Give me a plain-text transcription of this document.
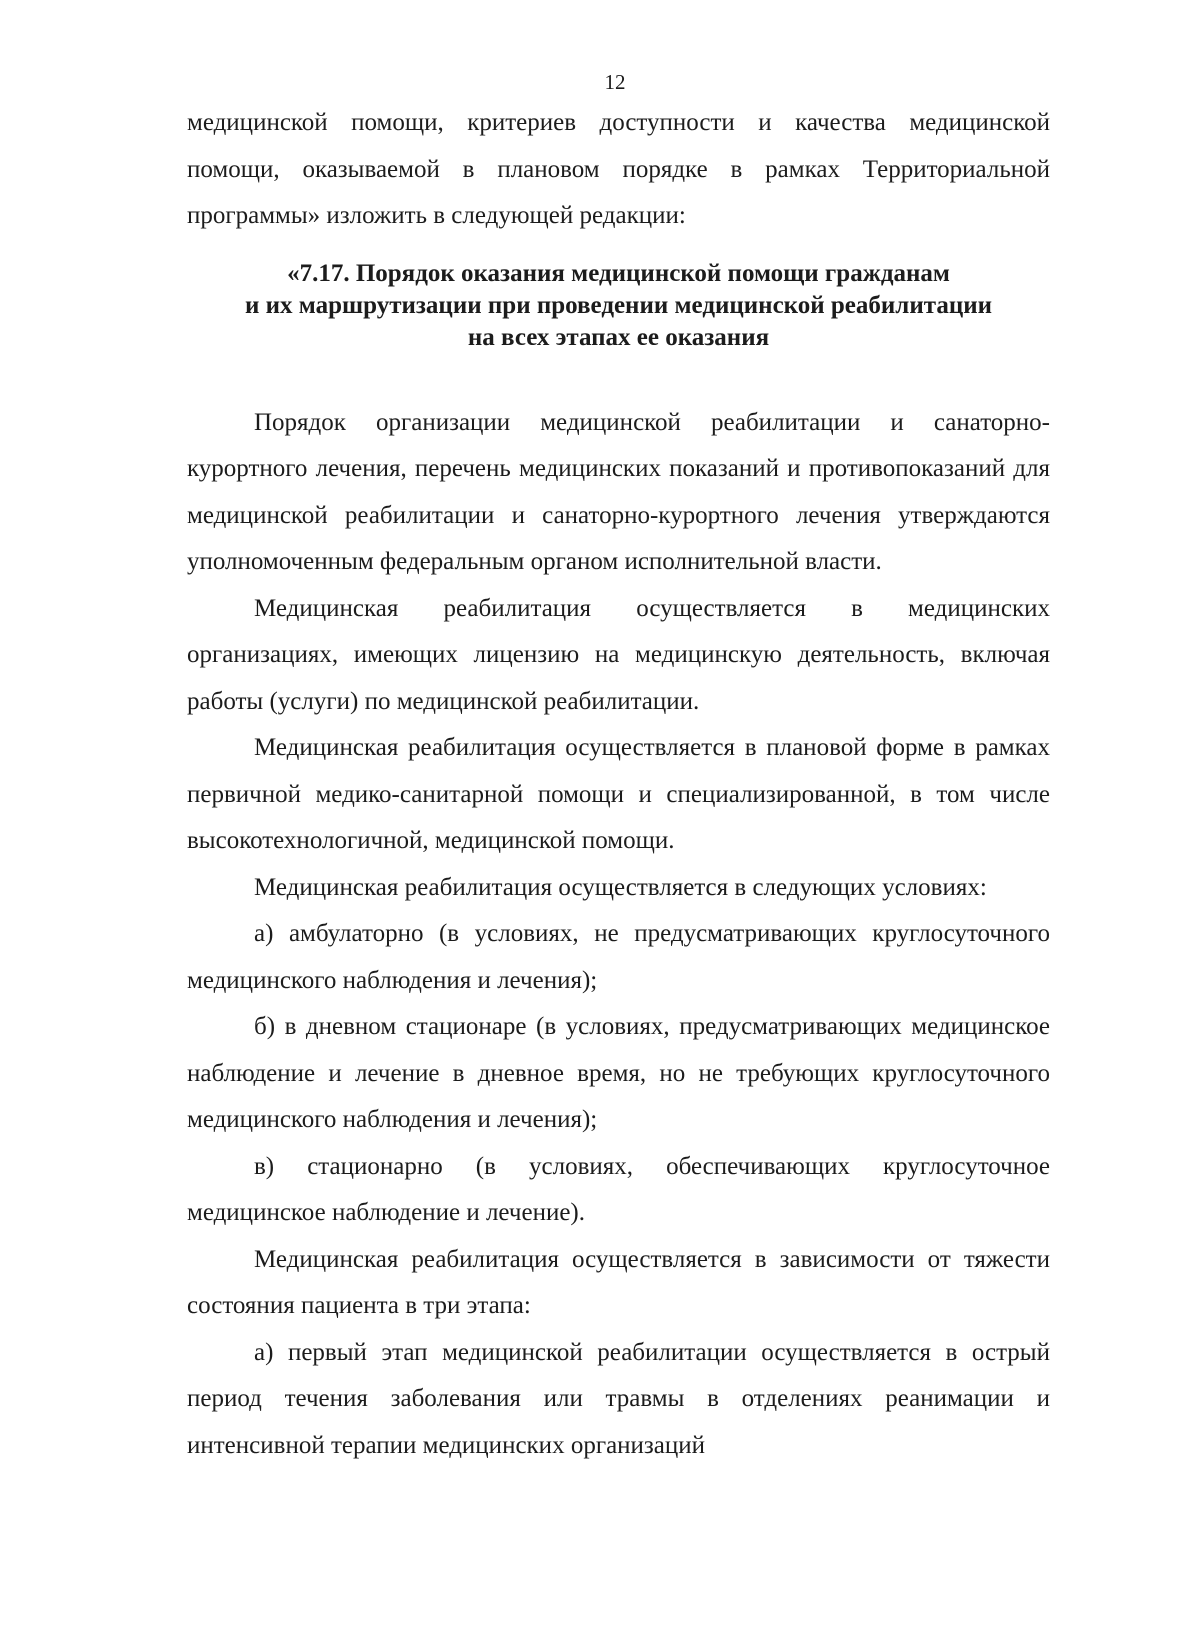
12

медицинской помощи, критериев доступности и качества медицинской

помощи, оказываемой в плановом порядке в рамках Территориальной

программы» изложить в следующей редакции:

«7.17. Порядок оказания медицинской помощи гражданам
и их маршрутизации при проведении медицинской реабилитации
на всех этапах ее оказания

Порядок организации медицинской реабилитации и санаторно-курортного лечения, перечень медицинских показаний и противопоказаний для медицинской реабилитации и санаторно-курортного лечения утверждаются уполномоченным федеральным органом исполнительной власти.

Медицинская реабилитация осуществляется в медицинских организациях, имеющих лицензию на медицинскую деятельность, включая работы (услуги) по медицинской реабилитации.

Медицинская реабилитация осуществляется в плановой форме в рамках первичной медико-санитарной помощи и специализированной, в том числе высокотехнологичной, медицинской помощи.

Медицинская реабилитация осуществляется в следующих условиях:

а) амбулаторно (в условиях, не предусматривающих круглосуточного медицинского наблюдения и лечения);

б) в дневном стационаре (в условиях, предусматривающих медицинское наблюдение и лечение в дневное время, но не требующих круглосуточного медицинского наблюдения и лечения);

в) стационарно (в условиях, обеспечивающих круглосуточное медицинское наблюдение и лечение).

Медицинская реабилитация осуществляется в зависимости от тяжести состояния пациента в три этапа:

а) первый этап медицинской реабилитации осуществляется в острый период течения заболевания или травмы в отделениях реанимации и интенсивной терапии медицинских организаций
